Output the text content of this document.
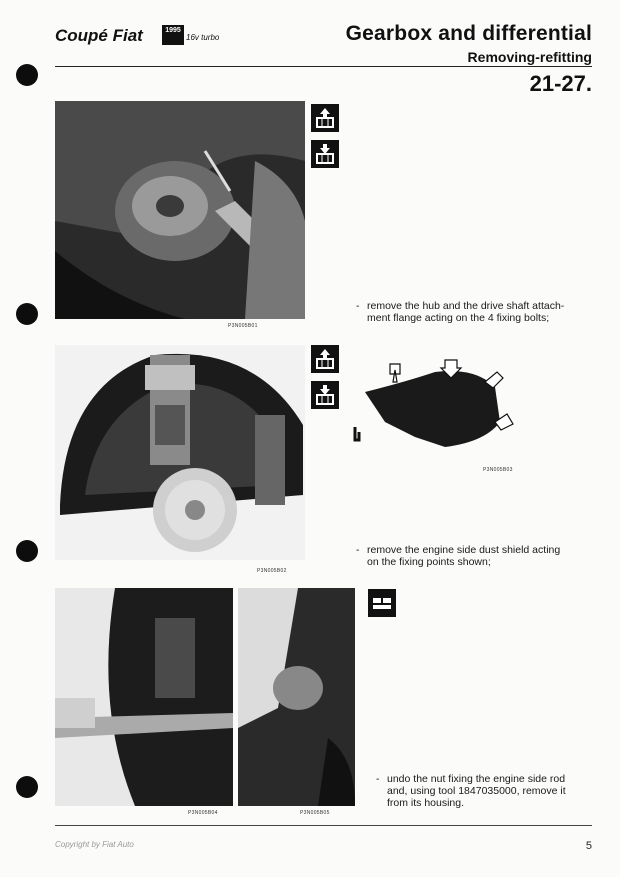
Coupé Fiat	1995
16v turbo	Gearbox and differential
Removing-refitting
21-27.
P3N005B01
- remove the hub and the drive shaft attach-
ment flange acting on the 4 fixing bolts;
P3N005B02
P3N005B03
- remove the engine side dust shield acting
on the fixing points shown;
P3N005B04	P3N005B05
- undo the nut fixing the engine side rod
and, using tool 1847035000, remove it
from its housing.
Copyright by Fiat Auto	5
